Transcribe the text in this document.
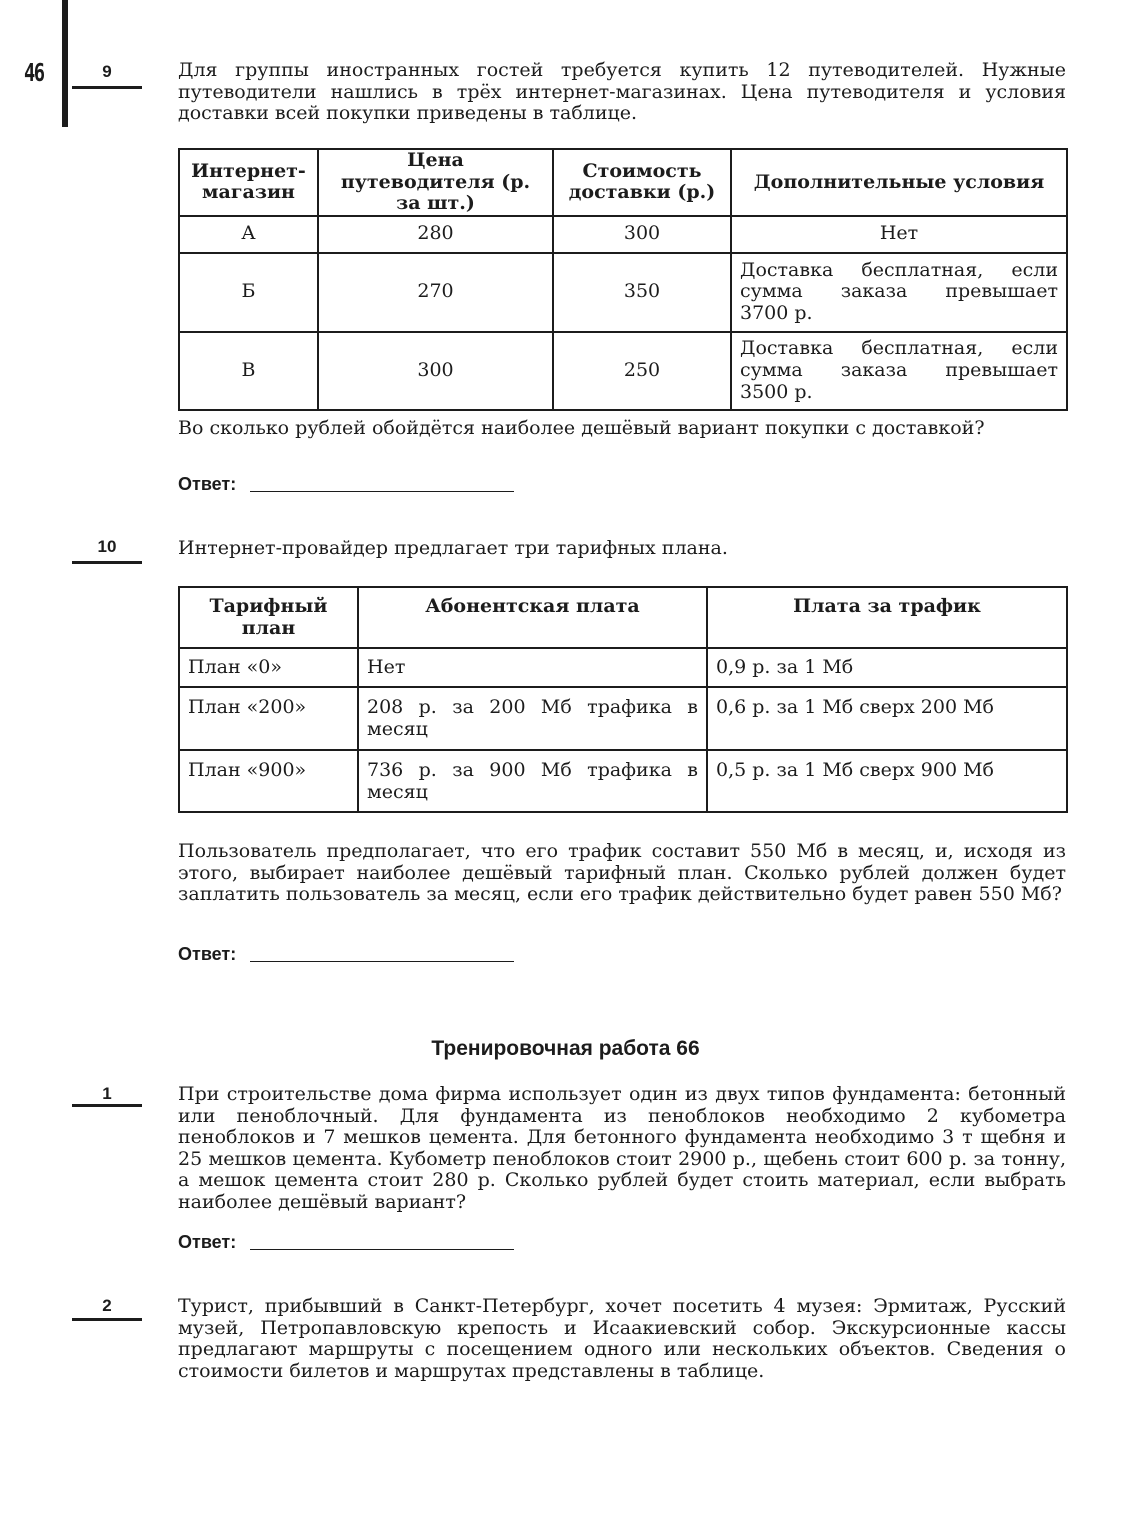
46	9	Для группы иностранных гостей требуется купить 12 путеводителей. Нужные путеводители нашлись в трёх интернет-магазинах. Цена путеводителя и условия доставки всей покупки приведены в таблице.
Интернет-магазин	Цена путеводителя (р. за шт.)	Стоимость доставки (р.)	Дополнительные условия
А	280	300	Нет
Б	270	350	Доставка бесплатная, если сумма заказа превышает
3700 р.

В	300	250	Доставка бесплатная, если сумма заказа превышает
3500 р.
Во сколько рублей обойдётся наиболее дешёвый вариант покупки с доставкой?
Ответ:
10	Интернет-провайдер предлагает три тарифных плана.
Тарифный план	Абонентская плата	Плата за трафик
План «0»	Нет	0,9 р. за 1 Мб
План «200»	208 р. за 200 Мб трафика в месяц	0,6 р. за 1 Мб сверх 200 Мб
План «900»	736 р. за 900 Мб трафика в месяц	0,5 р. за 1 Мб сверх 900 Мб
Пользователь предполагает, что его трафик составит 550 Мб в месяц, и, исходя из этого, выбирает наиболее дешёвый тарифный план. Сколько рублей должен будет заплатить пользователь за месяц, если его трафик действительно будет равен 550 Мб?
Ответ:
Тренировочная работа 66
1	При строительстве дома фирма использует один из двух типов фундамента: бетонный или пеноблочный. Для фундамента из пеноблоков необходимо 2 кубометра пеноблоков и 7 мешков цемента. Для бетонного фундамента необходимо 3 т щебня и 25 мешков цемента. Кубометр пеноблоков стоит 2900 р., щебень стоит 600 р. за тонну, а мешок цемента стоит 280 р. Сколько рублей будет стоить материал, если выбрать наиболее дешёвый вариант?
Ответ:
2	Турист, прибывший в Санкт-Петербург, хочет посетить 4 музея: Эрмитаж, Русский музей, Петропавловскую крепость и Исаакиевский собор. Экскурсионные кассы предлагают маршруты с посещением одного или нескольких объектов. Сведения о стоимости билетов и маршрутах представлены в таблице.
